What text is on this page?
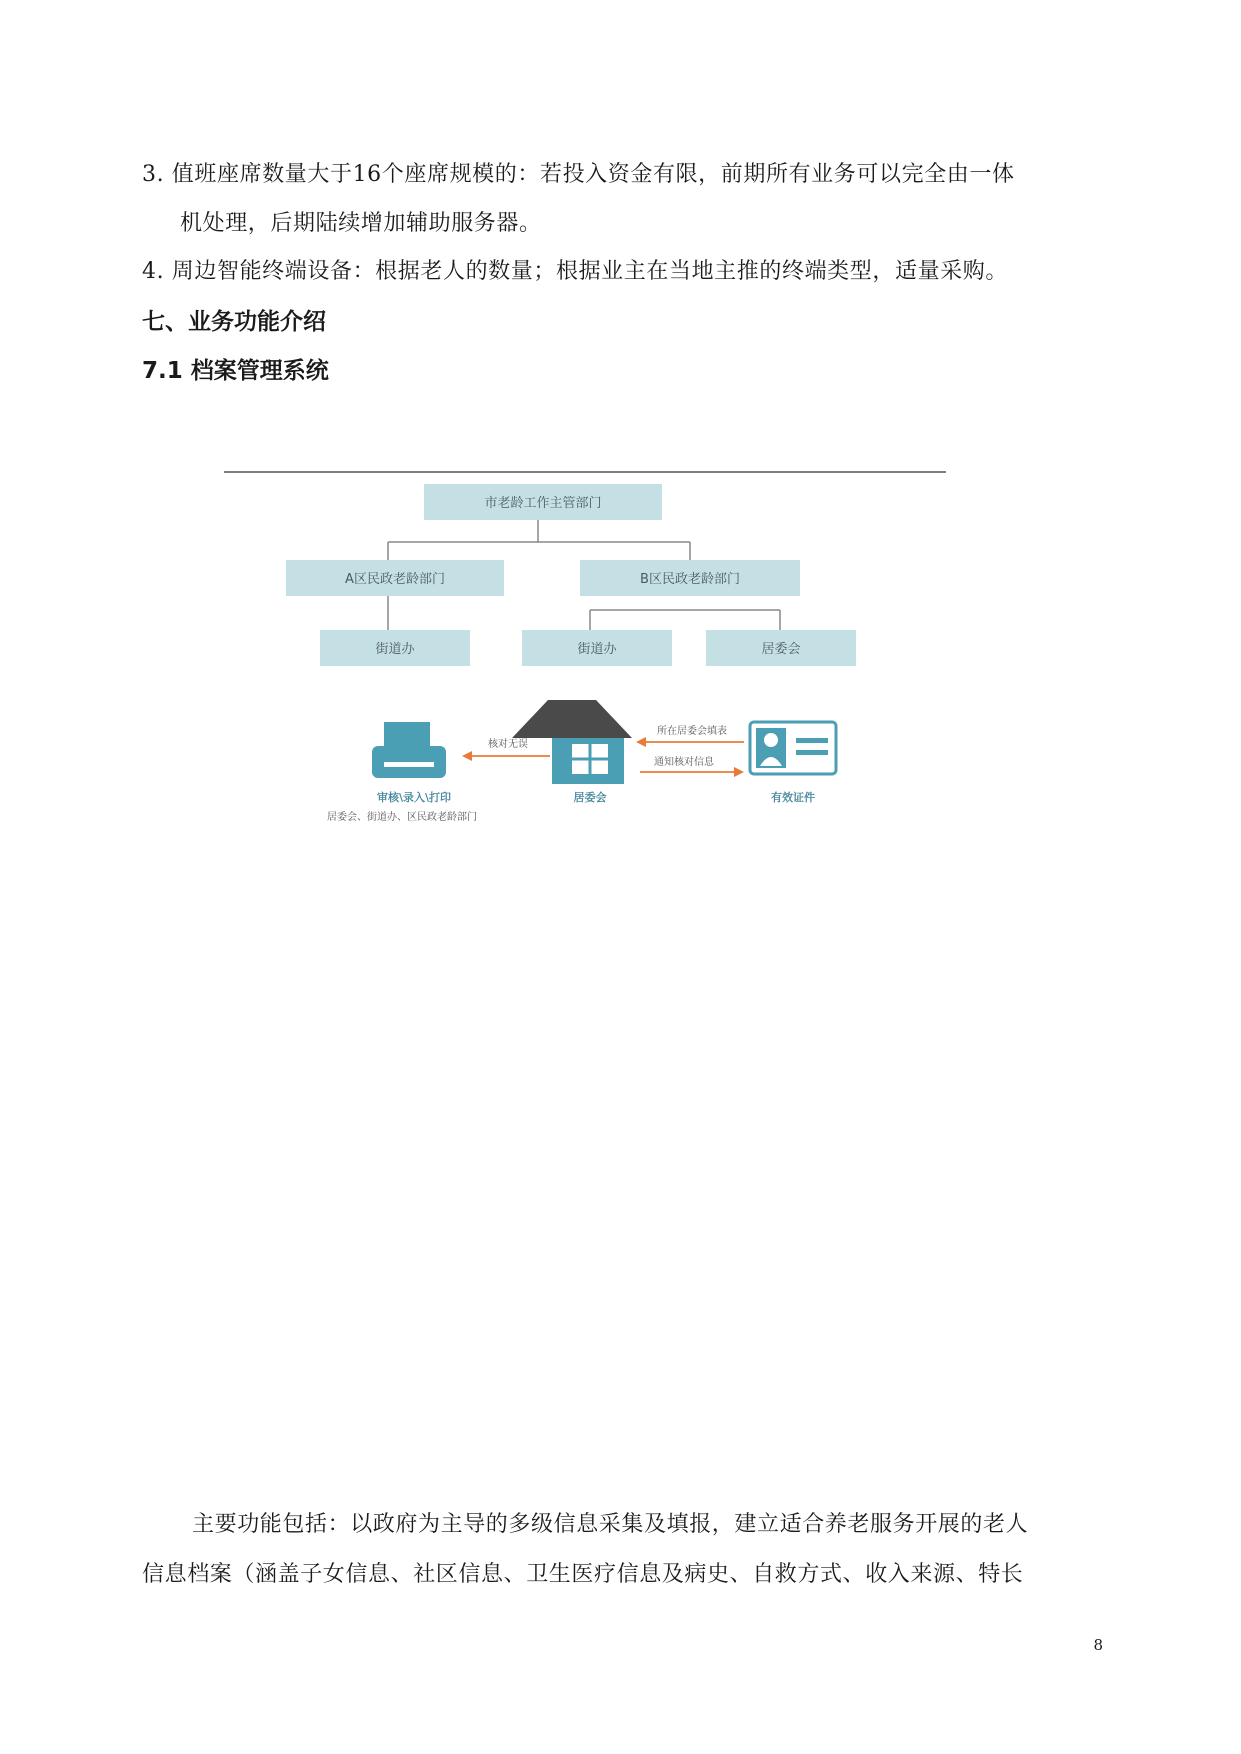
3. 值班座席数量大于16个座席规模的：若投入资金有限，前期所有业务可以完全由一体
机处理，后期陆续增加辅助服务器。
4. 周边智能终端设备：根据老人的数量；根据业主在当地主推的终端类型，适量采购。
七、业务功能介绍
7.1 档案管理系统
市老龄工作主管部门
A区民政老龄部门	B区民政老龄部门
街道办	街道办	居委会
审核\录入\打印
居委会、街道办、区民政老龄部门
居委会	有效证件
核对无误
所在居委会填表
通知核对信息
主要功能包括：以政府为主导的多级信息采集及填报，建立适合养老服务开展的老人
信息档案（涵盖子女信息、社区信息、卫生医疗信息及病史、自救方式、收入来源、特长
8
